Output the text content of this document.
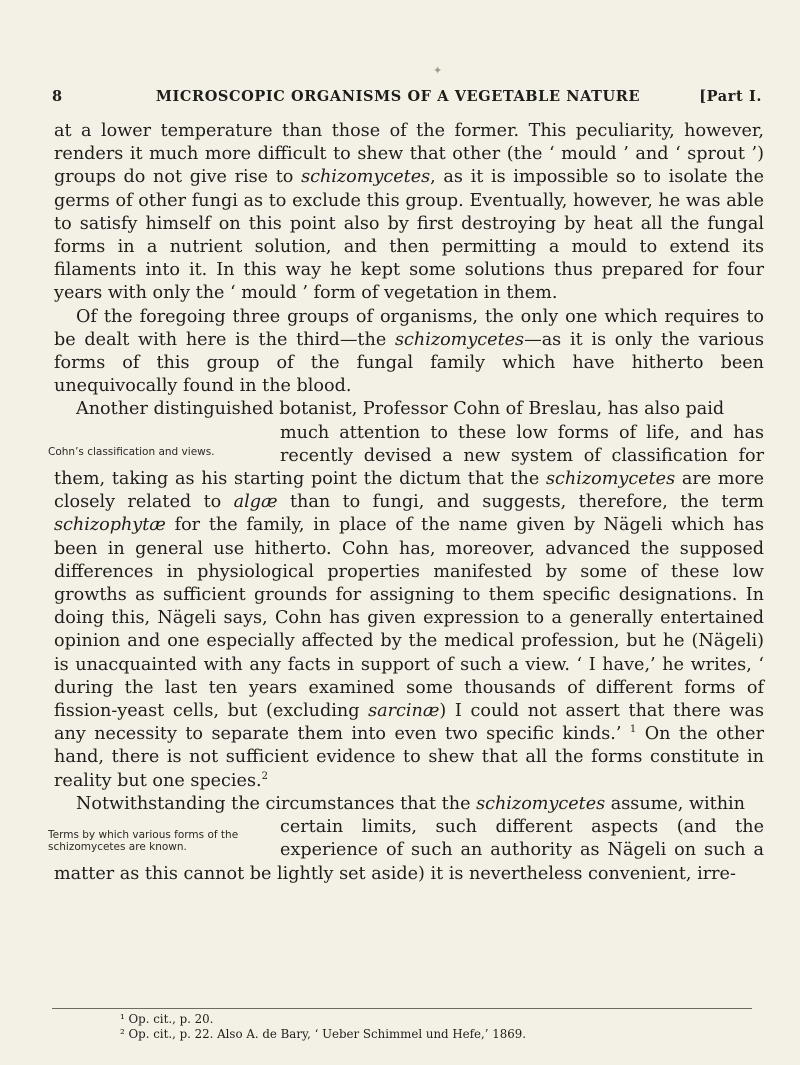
✦
8	MICROSCOPIC ORGANISMS OF A VEGETABLE NATURE	[Part I.

at a lower temperature than those of the former. This peculiarity, however, renders it much more difficult to shew that other (the ‘ mould ’ and ‘ sprout ’) groups do not give rise to schizomycetes, as it is impossible so to isolate the germs of other fungi as to exclude this group. Eventually, however, he was able to satisfy himself on this point also by first destroying by heat all the fungal forms in a nutrient solution, and then permitting a mould to extend its filaments into it. In this way he kept some solutions thus prepared for four years with only the ‘ mould ’ form of vegetation in them.

Of the foregoing three groups of organisms, the only one which requires to be dealt with here is the third—the schizomycetes—as it is only the various forms of this group of the fungal family which have hitherto been unequivocally found in the blood.

Another distinguished botanist, Professor Cohn of Breslau, has also paid

Cohn’s classification and views.
much attention to these low forms of life, and has recently devised a new system of classification for them, taking as his starting point the dictum that the schizomycetes are more closely related to algæ than to fungi, and suggests, therefore, the term schizophytæ for the family, in place of the name given by Nägeli which has been in general use hitherto. Cohn has, moreover, advanced the supposed differences in physiological properties manifested by some of these low growths as sufficient grounds for assigning to them specific designations. In doing this, Nägeli says, Cohn has given expression to a generally entertained opinion and one especially affected by the medical profession, but he (Nägeli) is unacquainted with any facts in support of such a view. ‘ I have,’ he writes, ‘ during the last ten years examined some thousands of different forms of fission-yeast cells, but (excluding sarcinæ) I could not assert that there was any necessity to separate them into even two specific kinds.’ $^1$ On the other hand, there is not sufficient evidence to shew that all the forms constitute in reality but one species.$^2$

Notwithstanding the circumstances that the schizomycetes assume, within

Terms by which various forms of the schizomycetes are known.
certain limits, such different aspects (and the experience of such an authority as Nägeli on such a matter as this cannot be lightly set aside) it is nevertheless convenient, irre-

¹ Op. cit., p. 20.
² Op. cit., p. 22. Also A. de Bary, ‘ Ueber Schimmel und Hefe,’ 1869.
